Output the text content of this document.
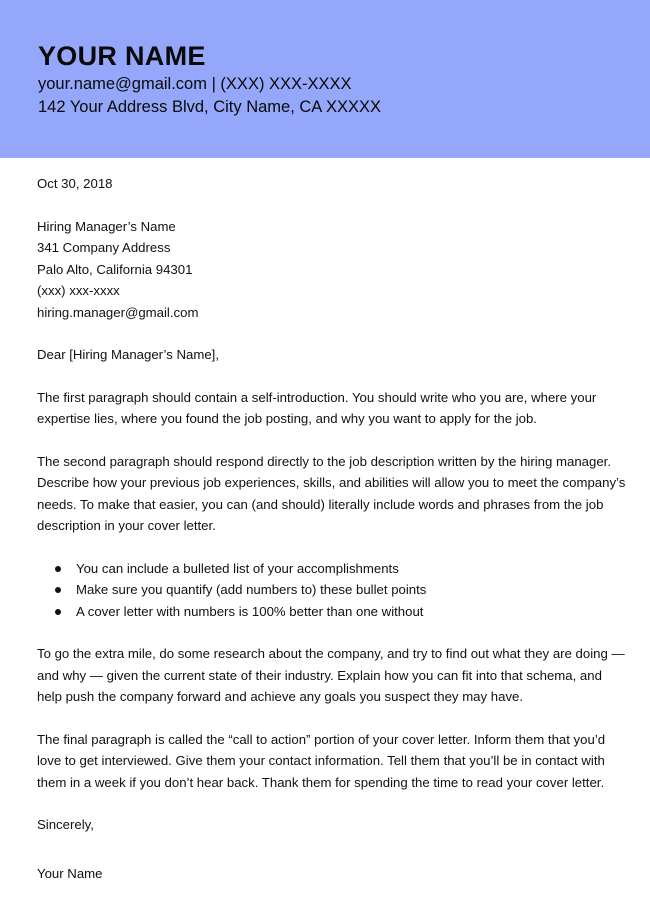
YOUR NAME
your.name@gmail.com | (XXX) XXX-XXXX
142 Your Address Blvd, City Name, CA XXXXX

Oct 30, 2018

Hiring Manager’s Name

341 Company Address

Palo Alto, California 94301

(xxx) xxx-xxxx

hiring.manager@gmail.com

Dear [Hiring Manager’s Name],

The first paragraph should contain a self-introduction. You should write who you are, where your expertise lies, where you found the job posting, and why you want to apply for the job.

The second paragraph should respond directly to the job description written by the hiring manager. Describe how your previous job experiences, skills, and abilities will allow you to meet the company’s needs. To make that easier, you can (and should) literally include words and phrases from the job description in your cover letter.

You can include a bulleted list of your accomplishments
Make sure you quantify (add numbers to) these bullet points
A cover letter with numbers is 100% better than one without

To go the extra mile, do some research about the company, and try to find out what they are doing — and why — given the current state of their industry. Explain how you can fit into that schema, and help push the company forward and achieve any goals you suspect they may have.

The final paragraph is called the “call to action” portion of your cover letter. Inform them that you’d love to get interviewed. Give them your contact information. Tell them that you’ll be in contact with them in a week if you don’t hear back. Thank them for spending the time to read your cover letter.

Sincerely,

Your Name
